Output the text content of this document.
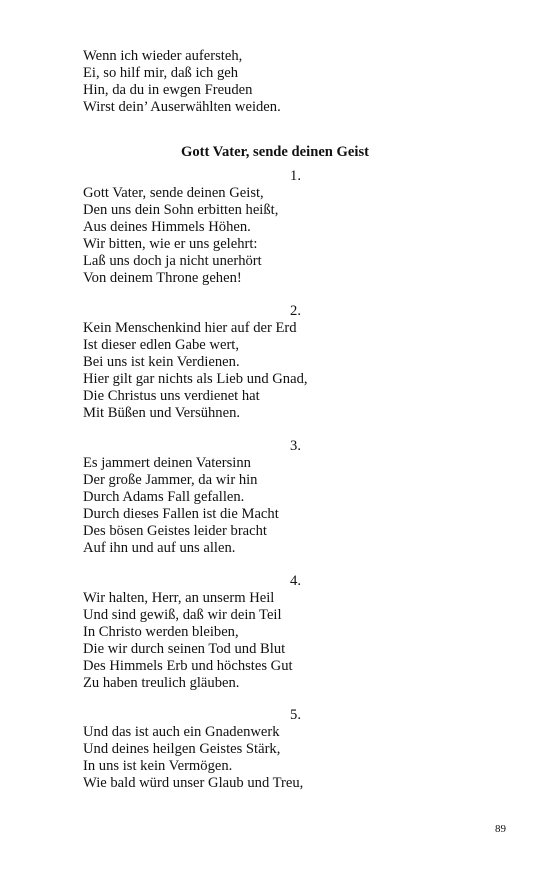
Wenn ich wieder aufersteh,
Ei, so hilf mir, daß ich geh
Hin, da du in ewgen Freuden
Wirst dein’ Auserwählten weiden.
Gott Vater, sende deinen Geist
1.
Gott Vater, sende deinen Geist,
Den uns dein Sohn erbitten heißt,
Aus deines Himmels Höhen.
Wir bitten, wie er uns gelehrt:
Laß uns doch ja nicht unerhört
Von deinem Throne gehen!
2.
Kein Menschenkind hier auf der Erd
Ist dieser edlen Gabe wert,
Bei uns ist kein Verdienen.
Hier gilt gar nichts als Lieb und Gnad,
Die Christus uns verdienet hat
Mit Büßen und Versühnen.
3.
Es jammert deinen Vatersinn
Der große Jammer, da wir hin
Durch Adams Fall gefallen.
Durch dieses Fallen ist die Macht
Des bösen Geistes leider bracht
Auf ihn und auf uns allen.
4.
Wir halten, Herr, an unserm Heil
Und sind gewiß, daß wir dein Teil
In Christo werden bleiben,
Die wir durch seinen Tod und Blut
Des Himmels Erb und höchstes Gut
Zu haben treulich gläuben.
5.
Und das ist auch ein Gnadenwerk
Und deines heilgen Geistes Stärk,
In uns ist kein Vermögen.
Wie bald würd unser Glaub und Treu,
89
